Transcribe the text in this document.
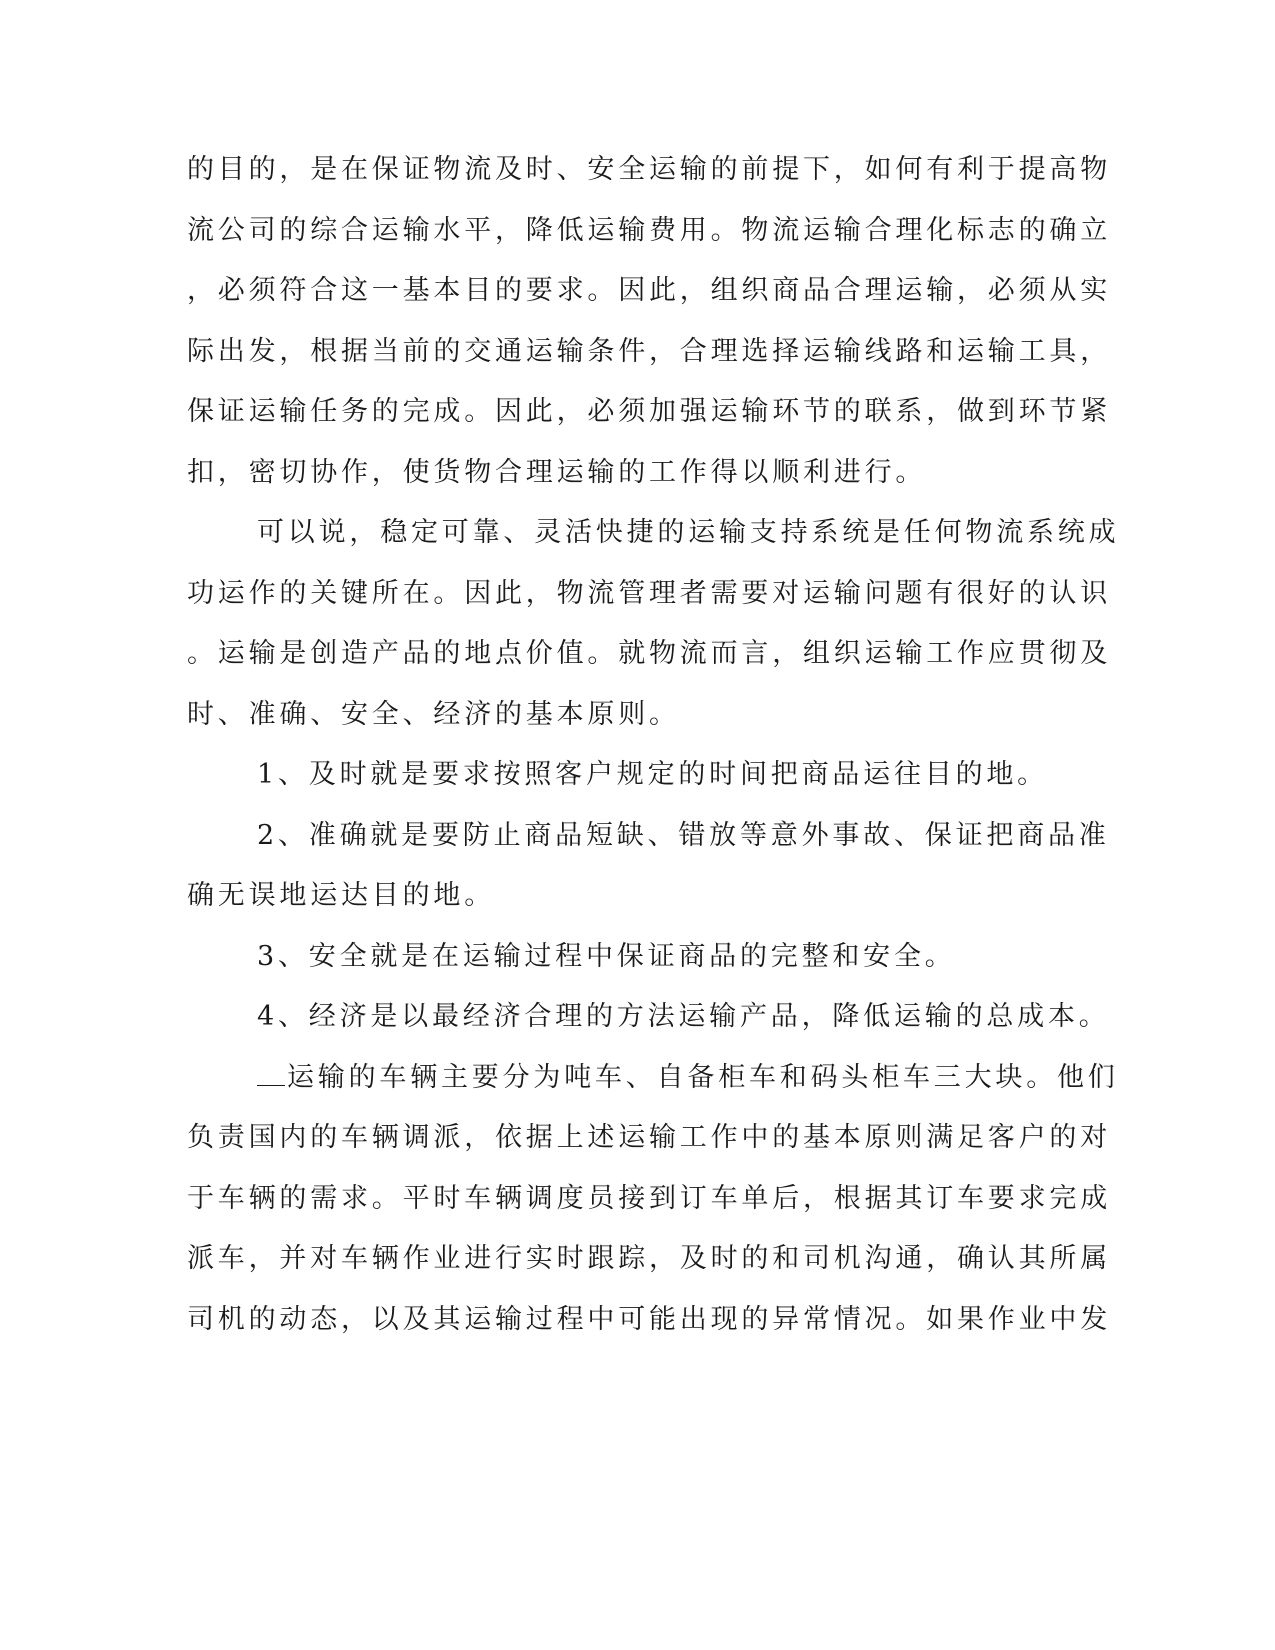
的目的，是在保证物流及时、安全运输的前提下，如何有利于提高物
流公司的综合运输水平，降低运输费用。物流运输合理化标志的确立
，必须符合这一基本目的要求。因此，组织商品合理运输，必须从实
际出发，根据当前的交通运输条件，合理选择运输线路和运输工具，
保证运输任务的完成。因此，必须加强运输环节的联系，做到环节紧
扣，密切协作，使货物合理运输的工作得以顺利进行。
可以说，稳定可靠、灵活快捷的运输支持系统是任何物流系统成
功运作的关键所在。因此，物流管理者需要对运输问题有很好的认识
。运输是创造产品的地点价值。就物流而言，组织运输工作应贯彻及
时、准确、安全、经济的基本原则。
1、及时就是要求按照客户规定的时间把商品运往目的地。
2、准确就是要防止商品短缺、错放等意外事故、保证把商品准
确无误地运达目的地。
3、安全就是在运输过程中保证商品的完整和安全。
4、经济是以最经济合理的方法运输产品，降低运输的总成本。
运输的车辆主要分为吨车、自备柜车和码头柜车三大块。他们
负责国内的车辆调派，依据上述运输工作中的基本原则满足客户的对
于车辆的需求。平时车辆调度员接到订车单后，根据其订车要求完成
派车，并对车辆作业进行实时跟踪，及时的和司机沟通，确认其所属
司机的动态，以及其运输过程中可能出现的异常情况。如果作业中发
